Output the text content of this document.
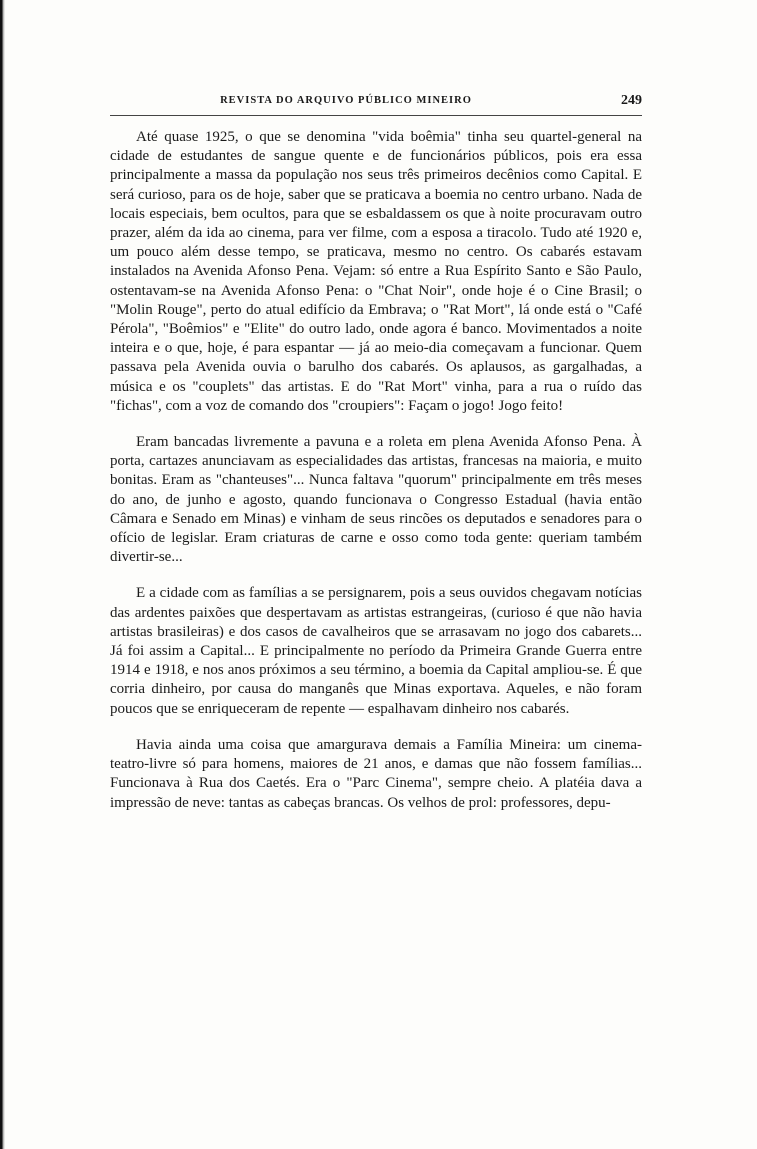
REVISTA DO ARQUIVO PÚBLICO MINEIRO	249

Até quase 1925, o que se denomina "vida boêmia" tinha seu quartel-general na cidade de estudantes de sangue quente e de funcionários públicos, pois era essa principalmente a massa da população nos seus três primeiros decênios como Capital. E será curioso, para os de hoje, saber que se praticava a boemia no centro urbano. Nada de locais especiais, bem ocultos, para que se esbaldassem os que à noite procuravam outro prazer, além da ida ao cinema, para ver filme, com a esposa a tiracolo. Tudo até 1920 e, um pouco além desse tempo, se praticava, mesmo no centro. Os cabarés estavam instalados na Avenida Afonso Pena. Vejam: só entre a Rua Espírito Santo e São Paulo, ostentavam-se na Avenida Afonso Pena: o "Chat Noir", onde hoje é o Cine Brasil; o "Molin Rouge", perto do atual edifício da Embrava; o "Rat Mort", lá onde está o "Café Pérola", "Boêmios" e "Elite" do outro lado, onde agora é banco. Movimentados a noite inteira e o que, hoje, é para espantar — já ao meio-dia começavam a funcionar. Quem passava pela Avenida ouvia o barulho dos cabarés. Os aplausos, as gargalhadas, a música e os "couplets" das artistas. E do "Rat Mort" vinha, para a rua o ruído das "fichas", com a voz de comando dos "croupiers": Façam o jogo! Jogo feito!

Eram bancadas livremente a pavuna e a roleta em plena Avenida Afonso Pena. À porta, cartazes anunciavam as especialidades das artistas, francesas na maioria, e muito bonitas. Eram as "chanteuses"... Nunca faltava "quorum" principalmente em três meses do ano, de junho e agosto, quando funcionava o Congresso Estadual (havia então Câmara e Senado em Minas) e vinham de seus rincões os deputados e senadores para o ofício de legislar. Eram criaturas de carne e osso como toda gente: queriam também divertir-se...

E a cidade com as famílias a se persignarem, pois a seus ouvidos chegavam notícias das ardentes paixões que despertavam as artistas estrangeiras, (curioso é que não havia artistas brasileiras) e dos casos de cavalheiros que se arrasavam no jogo dos cabarets... Já foi assim a Capital... E principalmente no período da Primeira Grande Guerra entre 1914 e 1918, e nos anos próximos a seu término, a boemia da Capital ampliou-se. É que corria dinheiro, por causa do manganês que Minas exportava. Aqueles, e não foram poucos que se enriqueceram de repente — espalhavam dinheiro nos cabarés.

Havia ainda uma coisa que amargurava demais a Família Mineira: um cinema-teatro-livre só para homens, maiores de 21 anos, e damas que não fossem famílias... Funcionava à Rua dos Caetés. Era o "Parc Cinema", sempre cheio. A platéia dava a impressão de neve: tantas as cabeças brancas. Os velhos de prol: professores, depu-
